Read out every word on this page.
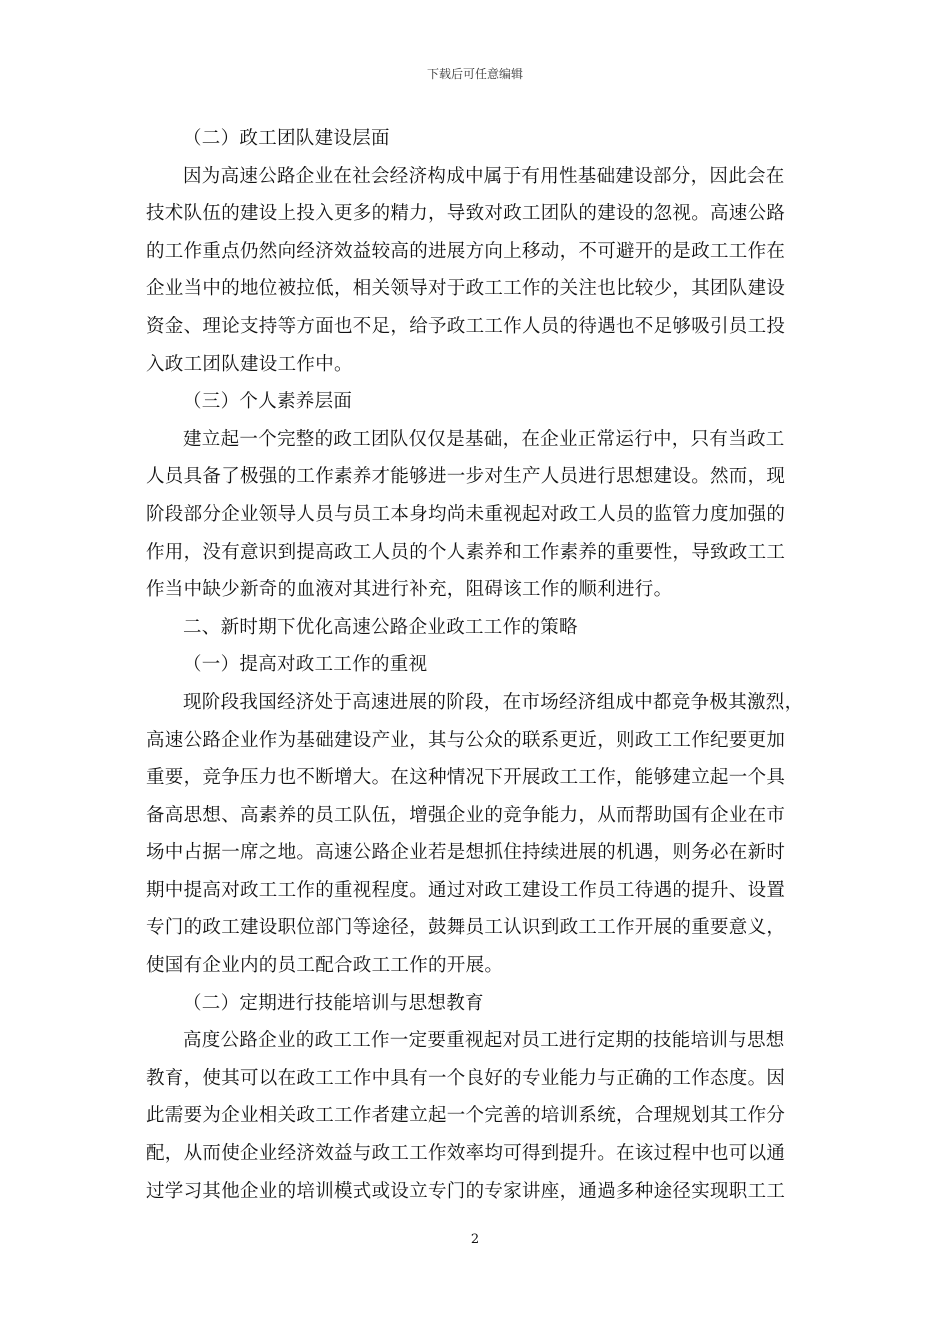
下载后可任意编辑
（二）政工团队建设层面
因为高速公路企业在社会经济构成中属于有用性基础建设部分，因此会在
技术队伍的建设上投入更多的精力，导致对政工团队的建设的忽视。高速公路
的工作重点仍然向经济效益较高的进展方向上移动，不可避开的是政工工作在
企业当中的地位被拉低，相关领导对于政工工作的关注也比较少，其团队建设
资金、理论支持等方面也不足，给予政工工作人员的待遇也不足够吸引员工投
入政工团队建设工作中。
（三）个人素养层面
建立起一个完整的政工团队仅仅是基础，在企业正常运行中，只有当政工
人员具备了极强的工作素养才能够进一步对生产人员进行思想建设。然而，现
阶段部分企业领导人员与员工本身均尚未重视起对政工人员的监管力度加强的
作用，没有意识到提高政工人员的个人素养和工作素养的重要性，导致政工工
作当中缺少新奇的血液对其进行补充，阻碍该工作的顺利进行。
二、新时期下优化高速公路企业政工工作的策略
（一）提高对政工工作的重视
现阶段我国经济处于高速进展的阶段，在市场经济组成中都竞争极其激烈，
高速公路企业作为基础建设产业，其与公众的联系更近，则政工工作纪要更加
重要，竞争压力也不断增大。在这种情况下开展政工工作，能够建立起一个具
备高思想、高素养的员工队伍，增强企业的竞争能力，从而帮助国有企业在市
场中占据一席之地。高速公路企业若是想抓住持续进展的机遇，则务必在新时
期中提高对政工工作的重视程度。通过对政工建设工作员工待遇的提升、设置
专门的政工建设职位部门等途径，鼓舞员工认识到政工工作开展的重要意义，
使国有企业内的员工配合政工工作的开展。
（二）定期进行技能培训与思想教育
高度公路企业的政工工作一定要重视起对员工进行定期的技能培训与思想
教育，使其可以在政工工作中具有一个良好的专业能力与正确的工作态度。因
此需要为企业相关政工工作者建立起一个完善的培训系统，合理规划其工作分
配，从而使企业经济效益与政工工作效率均可得到提升。在该过程中也可以通
过学习其他企业的培训模式或设立专门的专家讲座，通過多种途径实现职工工
2
